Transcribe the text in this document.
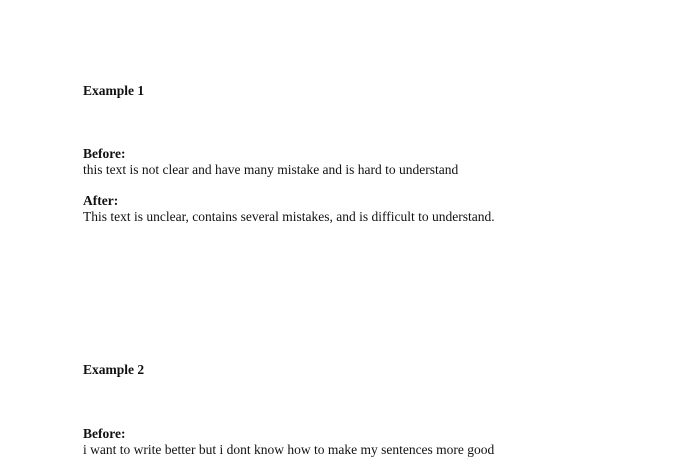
Example 1
Before:
this text is not clear and have many mistake and is hard to understand
After:
This text is unclear, contains several mistakes, and is difficult to understand.
Example 2
Before:
i want to write better but i dont know how to make my sentences more good
